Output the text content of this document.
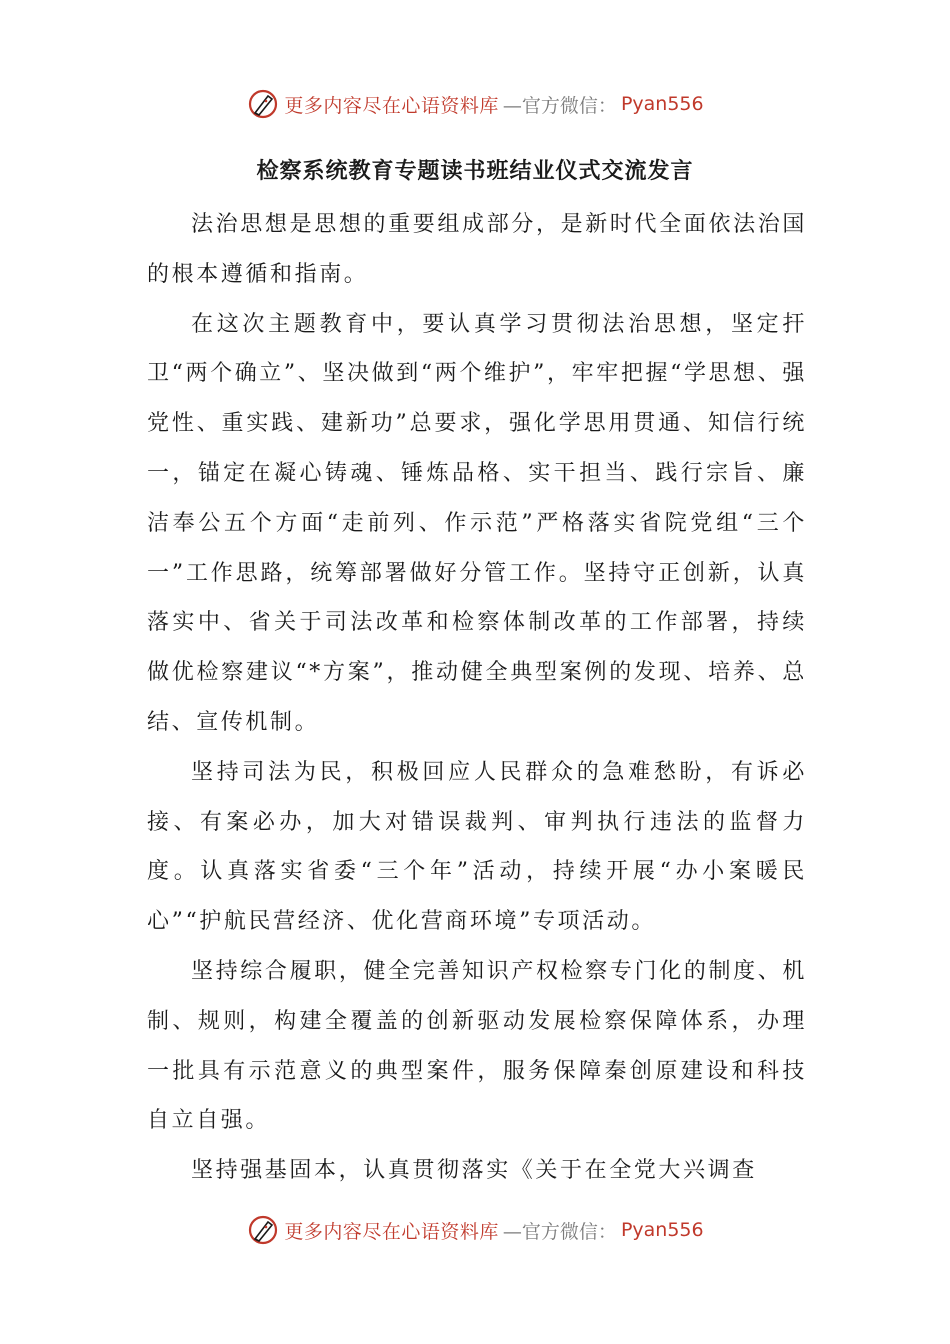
更多内容尽在心语资料库 —官方微信： Pyan556
检察系统教育专题读书班结业仪式交流发言

法治思想是思想的重要组成部分，是新时代全面依法治国的根本遵循和指南。

在这次主题教育中，要认真学习贯彻法治思想，坚定扞卫“两个确立”、坚决做到“两个维护”，牢牢把握“学思想、强党性、重实践、建新功”总要求，强化学思用贯通、知信行统一，锚定在凝心铸魂、锤炼品格、实干担当、践行宗旨、廉洁奉公五个方面“走前列、作示范”严格落实省院党组“三个一”工作思路，统筹部署做好分管工作。坚持守正创新，认真落实中、省关于司法改革和检察体制改革的工作部署，持续做优检察建议“*方案”，推动健全典型案例的发现、培养、总结、宣传机制。

坚持司法为民，积极回应人民群众的急难愁盼，有诉必接、有案必办，加大对错误裁判、审判执行违法的监督力度。认真落实省委“三个年”活动，持续开展“办小案暖民心”“护航民营经济、优化营商环境”专项活动。

坚持综合履职，健全完善知识产权检察专门化的制度、机制、规则，构建全覆盖的创新驱动发展检察保障体系，办理一批具有示范意义的典型案件，服务保障秦创原建设和科技自立自强。

坚持强基固本，认真贯彻落实《关于在全党大兴调查

更多内容尽在心语资料库 —官方微信： Pyan556
